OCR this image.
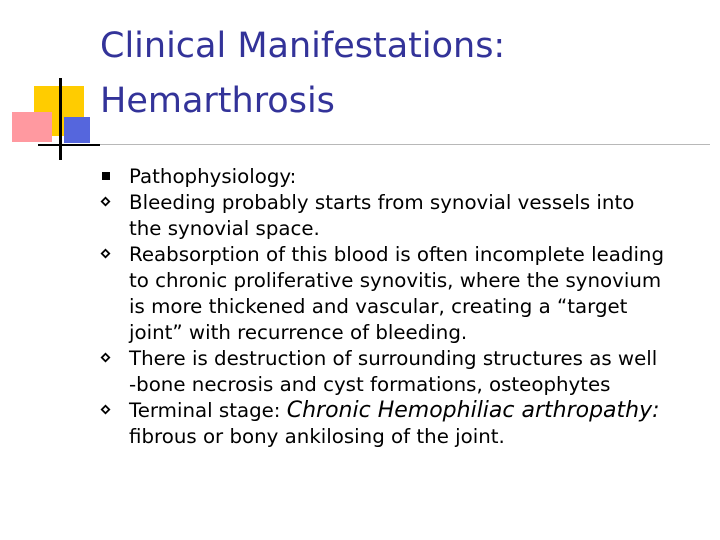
Clinical Manifestations:
Hemarthrosis
Pathophysiology:
Bleeding probably starts from synovial vessels into
the synovial space.
Reabsorption of this blood is often incomplete leading
to chronic proliferative synovitis, where the synovium
is more thickened and vascular, creating a “target
joint” with recurrence of bleeding.
There is destruction of surrounding structures as well
-bone necrosis and cyst formations, osteophytes
Terminal stage: Chronic Hemophiliac arthropathy:
fibrous or bony ankilosing of the joint.
